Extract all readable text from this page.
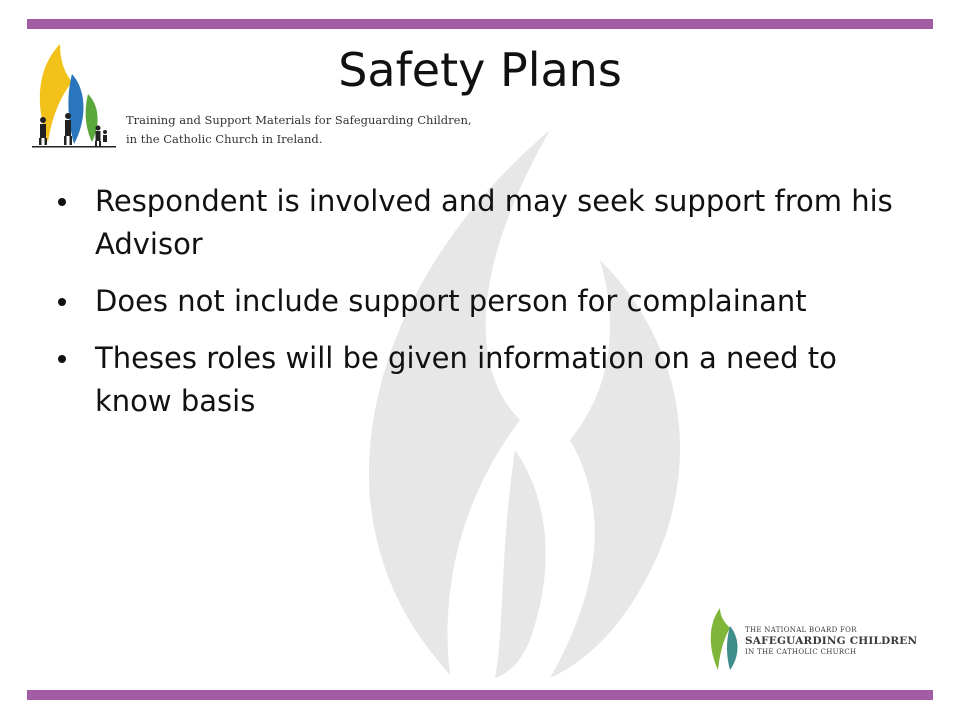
Training and Support Materials for Safeguarding Children,
in the Catholic Church in Ireland.
Safety Plans
Respondent is involved and may seek support from his Advisor
Does not include support person for complainant
Theses roles will be given information on a need to know basis
THE NATIONAL BOARD FOR
SAFEGUARDING CHILDREN
IN THE CATHOLIC CHURCH
